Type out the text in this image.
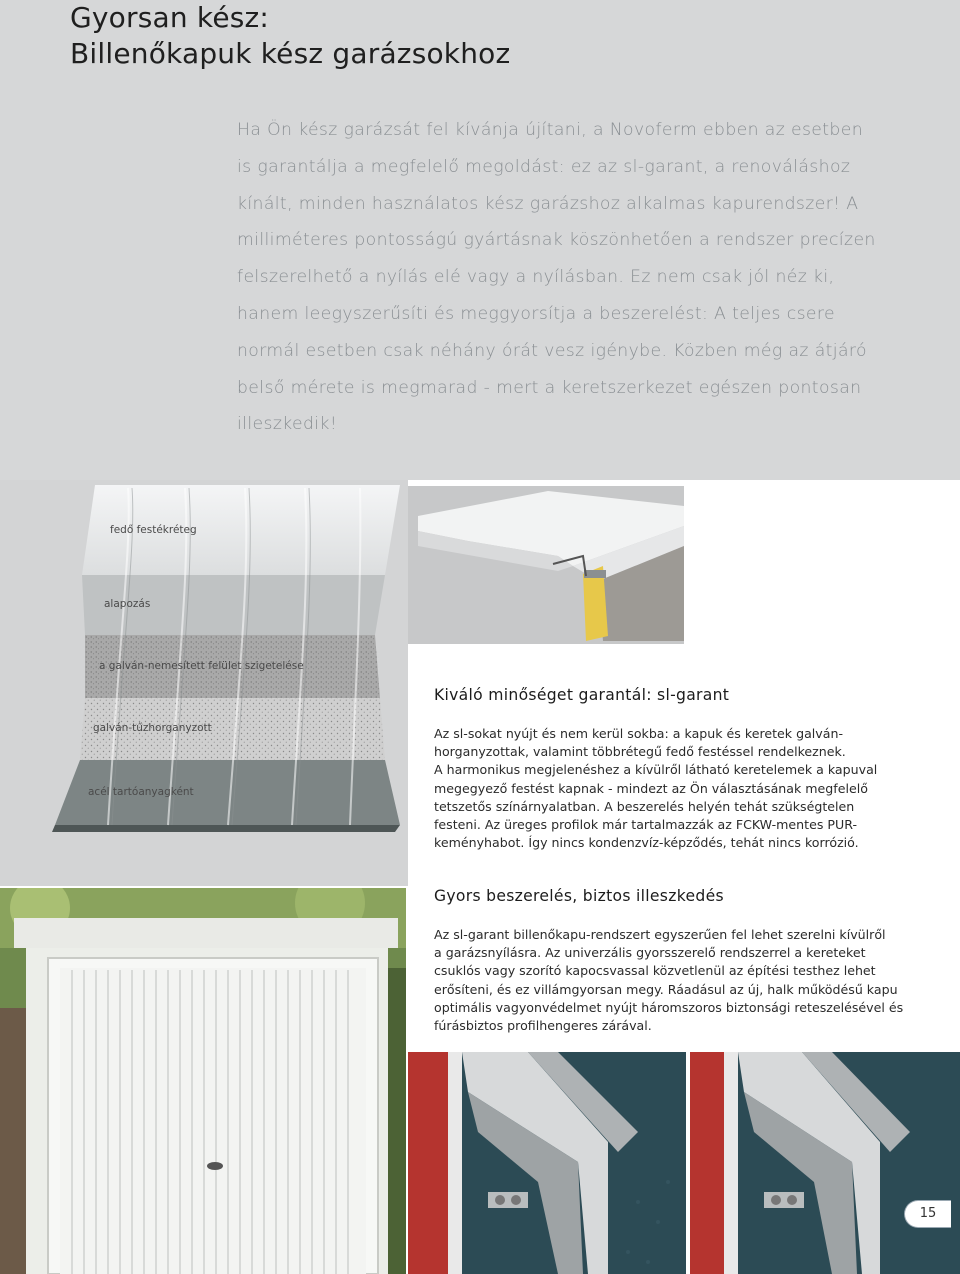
Gyorsan kész:
Billenőkapuk kész garázsokhoz

Ha Ön kész garázsát fel kívánja újítani, a Novoferm ebben az esetben is garantálja a megfelelő megoldást: ez az sl-garant, a renováláshoz kínált, minden használatos kész garázshoz alkalmas kapurendszer! A milliméteres pontosságú gyártásnak köszönhetően a rendszer precízen felszerelhető a nyílás elé vagy a nyílásban. Ez nem csak jól néz ki, hanem leegyszerűsíti és meggyorsítja a beszerelést: A teljes csere normál esetben csak néhány órát vesz igénybe. Közben még az átjáró belső mérete is megmarad - mert a keretszerkezet egészen pontosan illeszkedik!

fedő festékréteg
alapozás
a galván-nemesített felület szigetelése
galván-tűzhorganyzott
acél tartóanyagként
Kiváló minőséget garantál: sl-garant

Az sl-sokat nyújt és nem kerül sokba: a kapuk és keretek galván-
horganyzottak, valamint többrétegű fedő festéssel rendelkeznek.
A harmonikus megjelenéshez a kívülről látható keretelemek a kapuval
megegyező festést kapnak - mindezt az Ön választásának megfelelő
tetszetős színárnyalatban. A beszerelés helyén tehát szükségtelen
festeni. Az üreges profilok már tartalmazzák az FCKW-mentes PUR-
keményhabot. Így nincs kondenzvíz-képződés, tehát nincs korrózió.

Gyors beszerelés, biztos illeszkedés

Az sl-garant billenőkapu-rendszert egyszerűen fel lehet szerelni kívülről
a garázsnyílásra. Az univerzális gyorsszerelő rendszerrel a kereteket
csuklós vagy szorító kapocsvassal közvetlenül az építési testhez lehet
erősíteni, és ez villámgyorsan megy. Ráadásul az új, halk működésű kapu
optimális vagyonvédelmet nyújt háromszoros biztonsági reteszelésével és
fúrásbiztos profilhengeres zárával.

15
